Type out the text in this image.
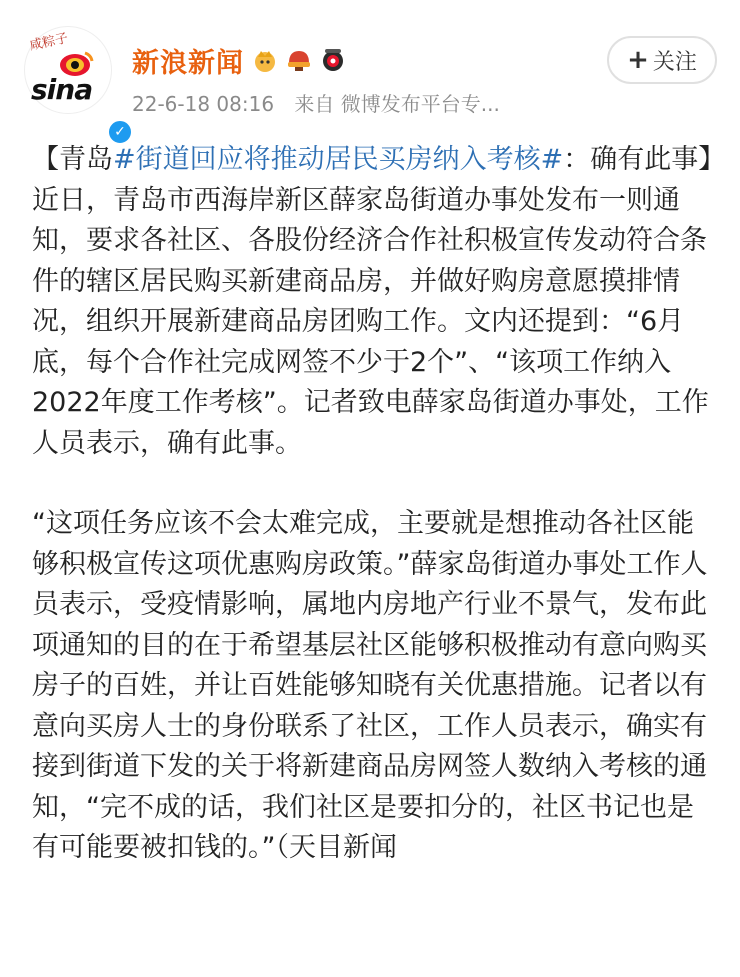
咸粽子
sina
✓
新浪新闻
22-6-18 08:16 来自 微博发布平台专...
+ 关注

【青岛#街道回应将推动居民买房纳入考核#：确有此事】近日，青岛市西海岸新区薛家岛街道办事处发布一则通知，要求各社区、各股份经济合作社积极宣传发动符合条件的辖区居民购买新建商品房，并做好购房意愿摸排情况，组织开展新建商品房团购工作。文内还提到：“6月底，每个合作社完成网签不少于2个”、“该项工作纳入2022年度工作考核”。记者致电薛家岛街道办事处，工作人员表示，确有此事。

“这项任务应该不会太难完成，主要就是想推动各社区能够积极宣传这项优惠购房政策。”薛家岛街道办事处工作人员表示，受疫情影响，属地内房地产行业不景气，发布此项通知的目的在于希望基层社区能够积极推动有意向购买房子的百姓，并让百姓能够知晓有关优惠措施。记者以有意向买房人士的身份联系了社区，工作人员表示，确实有接到街道下发的关于将新建商品房网签人数纳入考核的通知，“完不成的话，我们社区是要扣分的，社区书记也是有可能要被扣钱的。”（天目新闻
